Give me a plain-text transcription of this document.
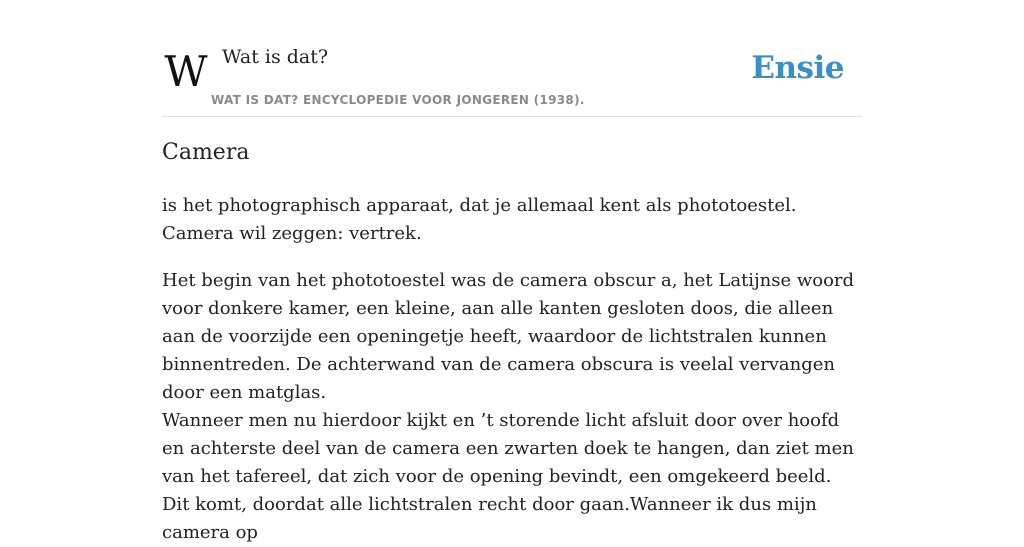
W Wat is dat?
WAT IS DAT? ENCYCLOPEDIE VOOR JONGEREN (1938).
Ensie
Camera

is het photographisch apparaat, dat je allemaal kent als phototoestel. Camera wil zeggen: vertrek.

Het begin van het phototoestel was de camera obscur a, het Latijnse woord voor donkere kamer, een kleine, aan alle kanten gesloten doos, die alleen aan de voorzijde een openingetje heeft, waardoor de lichtstralen kunnen binnentreden. De achterwand van de camera obscura is veelal vervangen door een matglas.

Wanneer men nu hierdoor kijkt en ’t storende licht afsluit door over hoofd en achterste deel van de camera een zwarten doek te hangen, dan ziet men van het tafereel, dat zich voor de opening bevindt, een omgekeerd beeld. Dit komt, doordat alle lichtstralen recht door gaan.Wanneer ik dus mijn camera op
